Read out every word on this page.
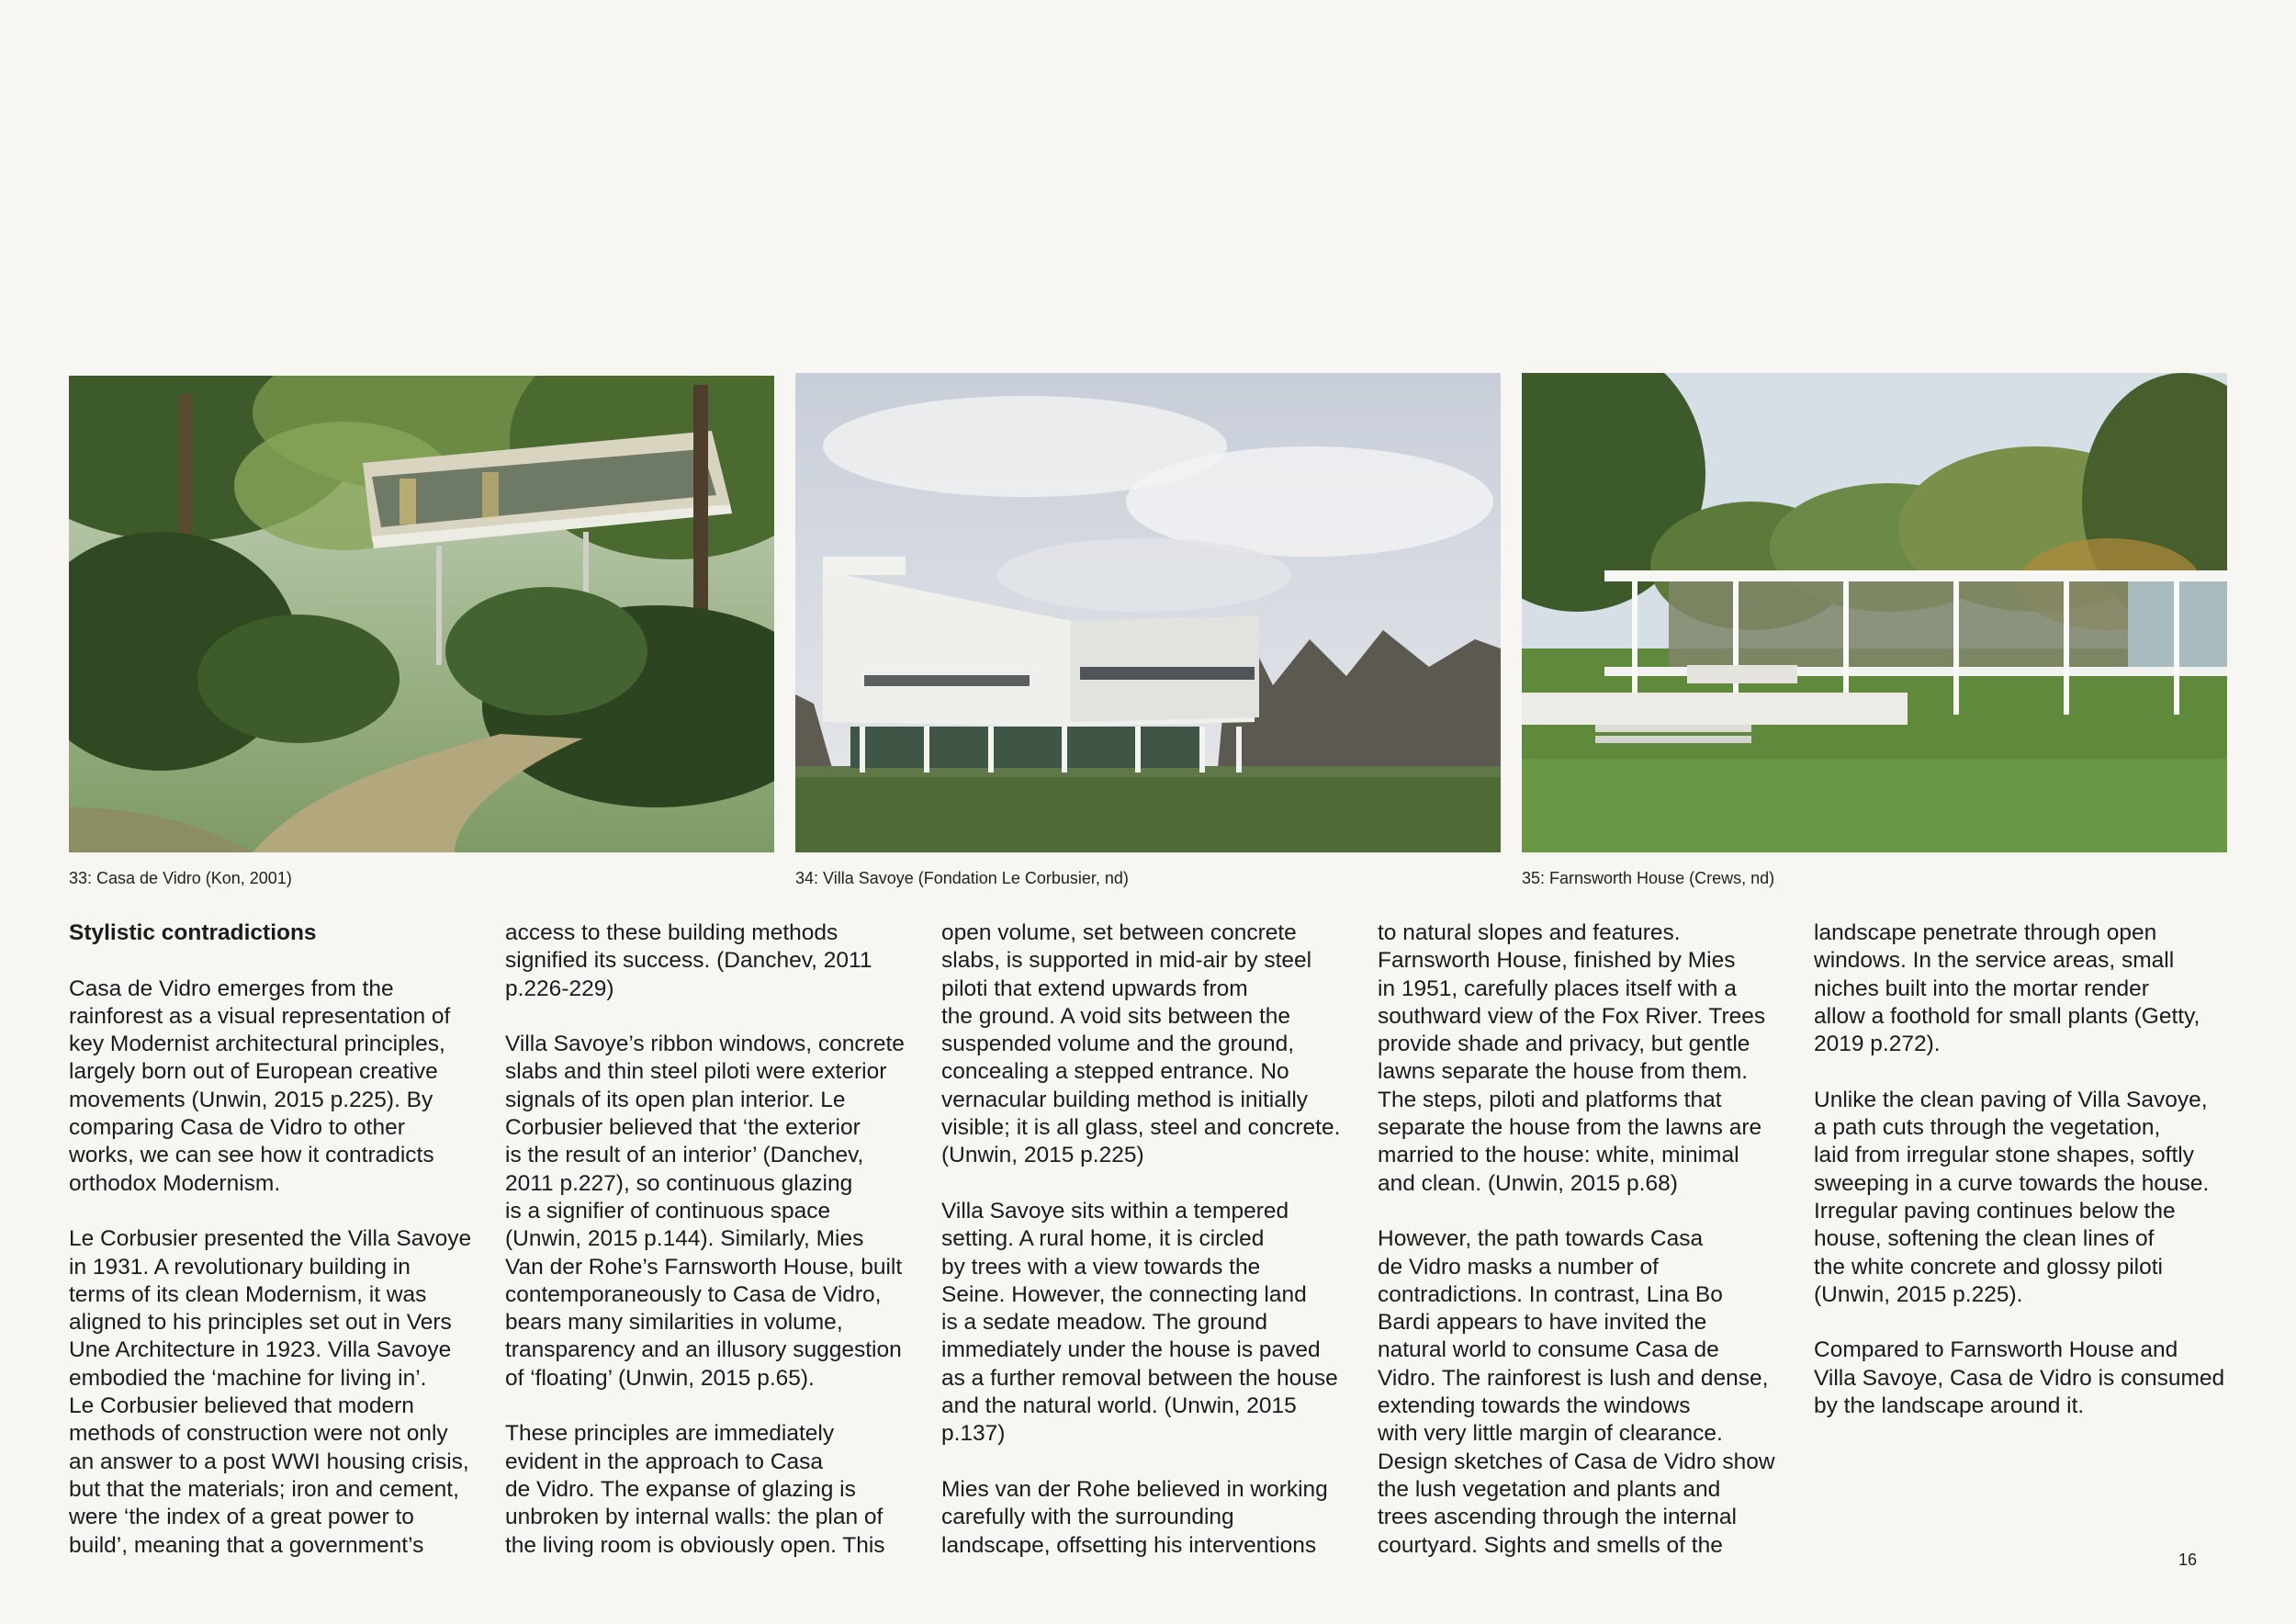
33: Casa de Vidro (Kon, 2001)	34: Villa Savoye (Fondation Le Corbusier, nd)	35: Farnsworth House (Crews, nd)

Stylistic contradictions

Casa de Vidro emerges from the
rainforest as a visual representation of
key Modernist architectural principles,
largely born out of European creative
movements (Unwin, 2015 p.225). By
comparing Casa de Vidro to other
works, we can see how it contradicts
orthodox Modernism.

Le Corbusier presented the Villa Savoye
in 1931. A revolutionary building in
terms of its clean Modernism, it was
aligned to his principles set out in Vers
Une Architecture in 1923. Villa Savoye
embodied the ‘machine for living in’.
Le Corbusier believed that modern
methods of construction were not only
an answer to a post WWI housing crisis,
but that the materials; iron and cement,
were ‘the index of a great power to
build’, meaning that a government’s

access to these building methods
signified its success. (Danchev, 2011
p.226-229)

Villa Savoye’s ribbon windows, concrete
slabs and thin steel piloti were exterior
signals of its open plan interior. Le
Corbusier believed that ‘the exterior
is the result of an interior’ (Danchev,
2011 p.227), so continuous glazing
is a signifier of continuous space
(Unwin, 2015 p.144). Similarly, Mies
Van der Rohe’s Farnsworth House, built
contemporaneously to Casa de Vidro,
bears many similarities in volume,
transparency and an illusory suggestion
of ‘floating’ (Unwin, 2015 p.65).

These principles are immediately
evident in the approach to Casa
de Vidro. The expanse of glazing is
unbroken by internal walls: the plan of
the living room is obviously open. This

open volume, set between concrete
slabs, is supported in mid-air by steel
piloti that extend upwards from
the ground. A void sits between the
suspended volume and the ground,
concealing a stepped entrance. No
vernacular building method is initially
visible; it is all glass, steel and concrete.
(Unwin, 2015 p.225)

Villa Savoye sits within a tempered
setting. A rural home, it is circled
by trees with a view towards the
Seine. However, the connecting land
is a sedate meadow. The ground
immediately under the house is paved
as a further removal between the house
and the natural world. (Unwin, 2015
p.137)

Mies van der Rohe believed in working
carefully with the surrounding
landscape, offsetting his interventions

to natural slopes and features.
Farnsworth House, finished by Mies
in 1951, carefully places itself with a
southward view of the Fox River. Trees
provide shade and privacy, but gentle
lawns separate the house from them.
The steps, piloti and platforms that
separate the house from the lawns are
married to the house: white, minimal
and clean. (Unwin, 2015 p.68)

However, the path towards Casa
de Vidro masks a number of
contradictions. In contrast, Lina Bo
Bardi appears to have invited the
natural world to consume Casa de
Vidro. The rainforest is lush and dense,
extending towards the windows
with very little margin of clearance.
Design sketches of Casa de Vidro show
the lush vegetation and plants and
trees ascending through the internal
courtyard. Sights and smells of the

landscape penetrate through open
windows. In the service areas, small
niches built into the mortar render
allow a foothold for small plants (Getty,
2019 p.272).

Unlike the clean paving of Villa Savoye,
a path cuts through the vegetation,
laid from irregular stone shapes, softly
sweeping in a curve towards the house.
Irregular paving continues below the
house, softening the clean lines of
the white concrete and glossy piloti
(Unwin, 2015 p.225).

Compared to Farnsworth House and
Villa Savoye, Casa de Vidro is consumed
by the landscape around it.

16
